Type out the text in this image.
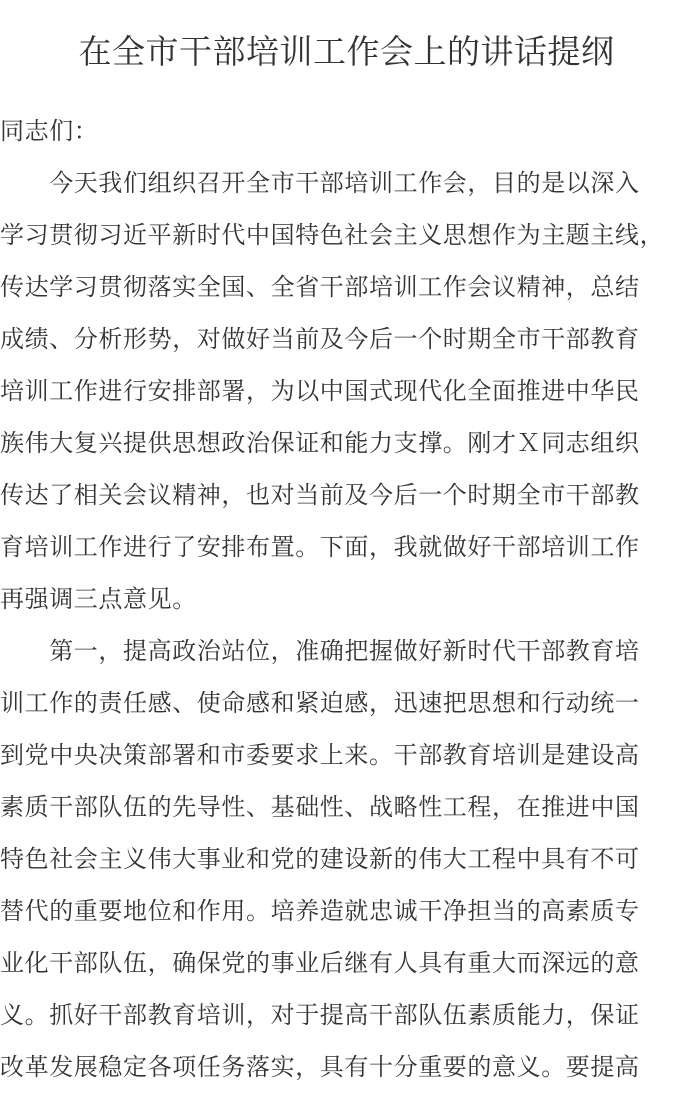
在全市干部培训工作会上的讲话提纲
同志们：
　　今天我们组织召开全市干部培训工作会，目的是以深入
学习贯彻习近平新时代中国特色社会主义思想作为主题主线，
传达学习贯彻落实全国、全省干部培训工作会议精神，总结
成绩、分析形势，对做好当前及今后一个时期全市干部教育
培训工作进行安排部署，为以中国式现代化全面推进中华民
族伟大复兴提供思想政治保证和能力支撑。刚才Ｘ同志组织
传达了相关会议精神，也对当前及今后一个时期全市干部教
育培训工作进行了安排布置。下面，我就做好干部培训工作
再强调三点意见。
　　第一，提高政治站位，准确把握做好新时代干部教育培
训工作的责任感、使命感和紧迫感，迅速把思想和行动统一
到党中央决策部署和市委要求上来。干部教育培训是建设高
素质干部队伍的先导性、基础性、战略性工程，在推进中国
特色社会主义伟大事业和党的建设新的伟大工程中具有不可
替代的重要地位和作用。培养造就忠诚干净担当的高素质专
业化干部队伍，确保党的事业后继有人具有重大而深远的意
义。抓好干部教育培训，对于提高干部队伍素质能力，保证
改革发展稳定各项任务落实，具有十分重要的意义。要提高
